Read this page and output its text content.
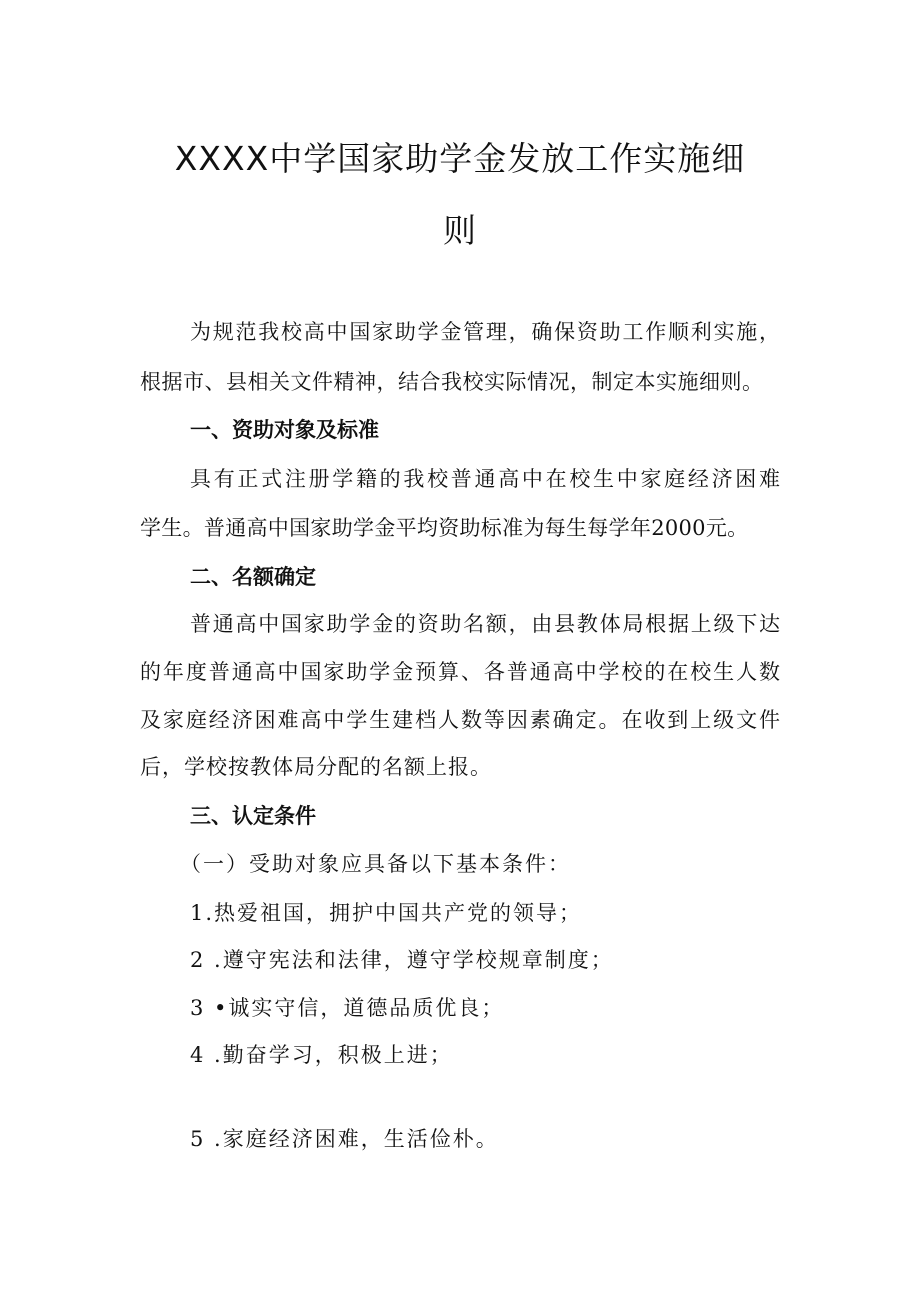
XXXX中学国家助学金发放工作实施细
则
为规范我校高中国家助学金管理，确保资助工作顺利实施，
根据市、县相关文件精神，结合我校实际情况，制定本实施细则。
一、资助对象及标准
具有正式注册学籍的我校普通高中在校生中家庭经济困难
学生。普通高中国家助学金平均资助标准为每生每学年2000元。
二、名额确定
普通高中国家助学金的资助名额，由县教体局根据上级下达
的年度普通高中国家助学金预算、各普通高中学校的在校生人数
及家庭经济困难高中学生建档人数等因素确定。在收到上级文件
后，学校按教体局分配的名额上报。
三、认定条件
（一）受助对象应具备以下基本条件：
1.热爱祖国，拥护中国共产党的领导；
2 .遵守宪法和法律，遵守学校规章制度；
3 •诚实守信，道德品质优良；
4 .勤奋学习，积极上进；
5 .家庭经济困难，生活俭朴。
